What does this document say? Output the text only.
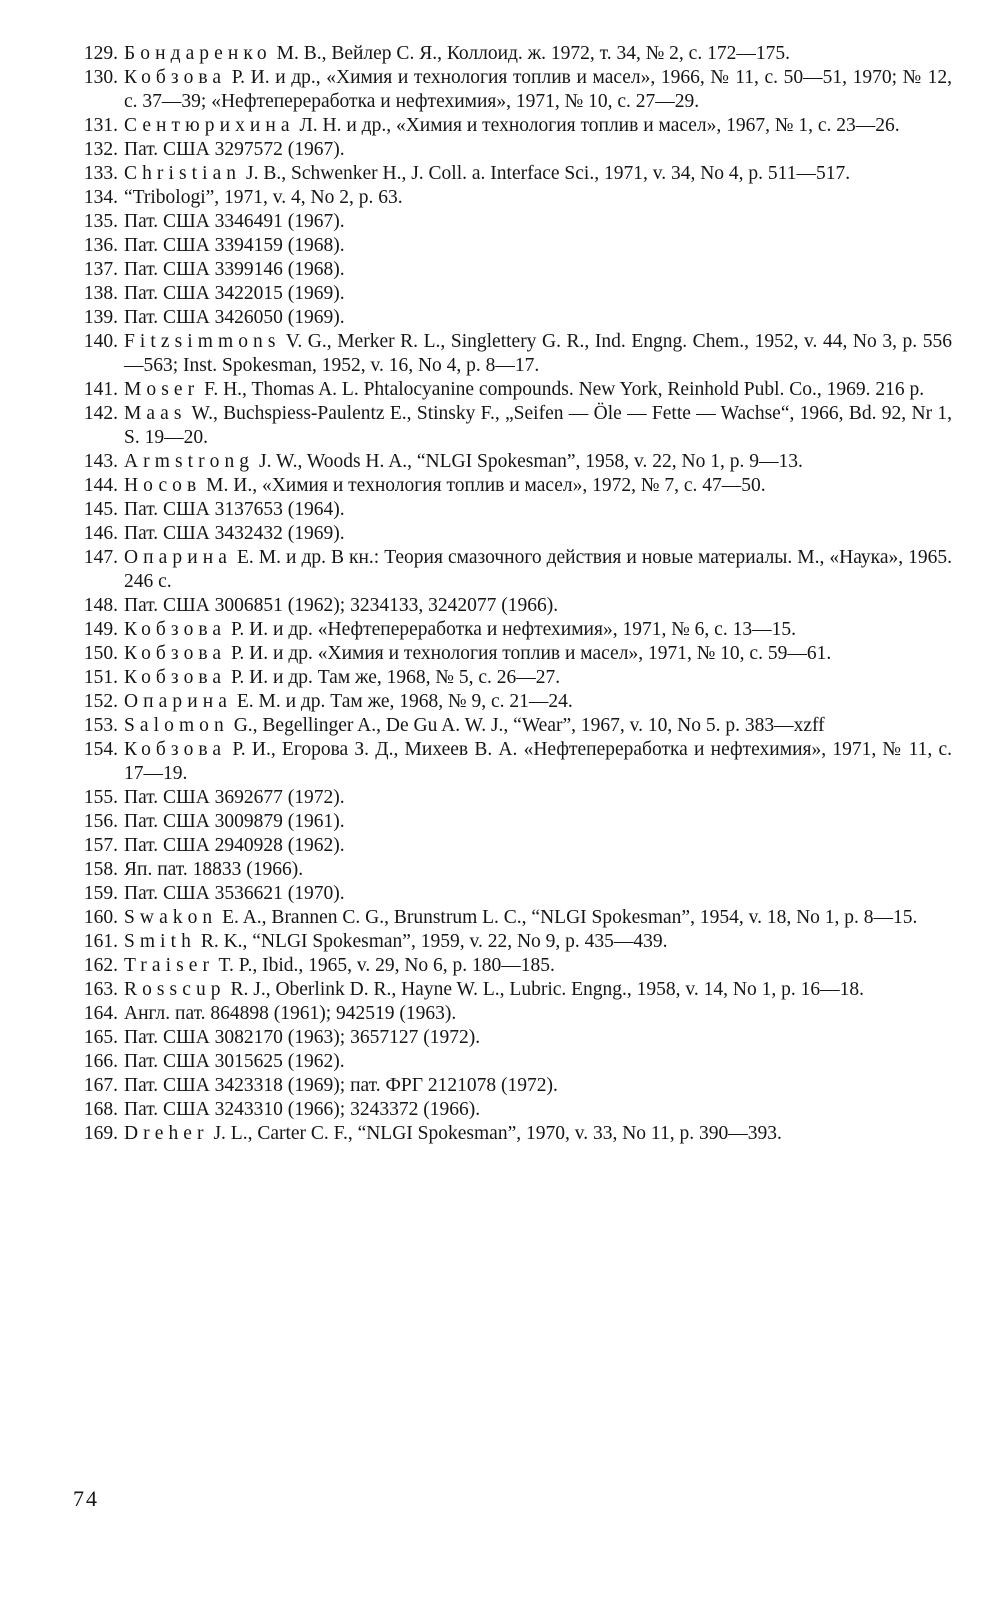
129. Бондаренко М. В., Вейлер С. Я., Коллоид. ж. 1972, т. 34, № 2, с. 172—175.
130. Кобзова Р. И. и др., «Химия и технология топлив и масел», 1966, № 11, с. 50—51, 1970; № 12, с. 37—39; «Нефтепереработка и нефтехимия», 1971, № 10, с. 27—29.
131. Сентюрихина Л. Н. и др., «Химия и технология топлив и масел», 1967, № 1, с. 23—26.
132. Пат. США 3297572 (1967).
133. Christian J. B., Schwenker H., J. Coll. a. Interface Sci., 1971, v. 34, No 4, p. 511—517.
134. “Tribologi”, 1971, v. 4, No 2, p. 63.
135. Пат. США 3346491 (1967).
136. Пат. США 3394159 (1968).
137. Пат. США 3399146 (1968).
138. Пат. США 3422015 (1969).
139. Пат. США 3426050 (1969).
140. Fitzsimmons V. G., Merker R. L., Singlettery G. R., Ind. Engng. Chem., 1952, v. 44, No 3, p. 556—563; Inst. Spokesman, 1952, v. 16, No 4, p. 8—17.
141. Moser F. H., Thomas A. L. Phtalocyanine compounds. New York, Reinhold Publ. Co., 1969. 216 p.
142. Maas W., Buchspiess-Paulentz E., Stinsky F., „Seifen — Öle — Fette — Wachse“, 1966, Bd. 92, Nr 1, S. 19—20.
143. Armstrong J. W., Woods H. A., “NLGI Spokesman”, 1958, v. 22, No 1, p. 9—13.
144. Носов М. И., «Химия и технология топлив и масел», 1972, № 7, с. 47—50.
145. Пат. США 3137653 (1964).
146. Пат. США 3432432 (1969).
147. Опарина Е. М. и др. В кн.: Теория смазочного действия и новые материалы. М., «Наука», 1965. 246 с.
148. Пат. США 3006851 (1962); 3234133, 3242077 (1966).
149. Кобзова Р. И. и др. «Нефтепереработка и нефтехимия», 1971, № 6, с. 13—15.
150. Кобзова Р. И. и др. «Химия и технология топлив и масел», 1971, № 10, с. 59—61.
151. Кобзова Р. И. и др. Там же, 1968, № 5, с. 26—27.
152. Опарина Е. М. и др. Там же, 1968, № 9, с. 21—24.
153. Salomon G., Begellinger A., De Gu A. W. J., “Wear”, 1967, v. 10, No 5. p. 383—xzff
154. Кобзова Р. И., Егорова З. Д., Михеев В. А. «Нефтепереработка и нефтехимия», 1971, № 11, с. 17—19.
155. Пат. США 3692677 (1972).
156. Пат. США 3009879 (1961).
157. Пат. США 2940928 (1962).
158. Яп. пат. 18833 (1966).
159. Пат. США 3536621 (1970).
160. Swakon E. A., Brannen C. G., Brunstrum L. C., “NLGI Spokesman”, 1954, v. 18, No 1, p. 8—15.
161. Smith R. K., “NLGI Spokesman”, 1959, v. 22, No 9, p. 435—439.
162. Traiser T. P., Ibid., 1965, v. 29, No 6, p. 180—185.
163. Rosscup R. J., Oberlink D. R., Hayne W. L., Lubric. Engng., 1958, v. 14, No 1, p. 16—18.
164. Англ. пат. 864898 (1961); 942519 (1963).
165. Пат. США 3082170 (1963); 3657127 (1972).
166. Пат. США 3015625 (1962).
167. Пат. США 3423318 (1969); пат. ФРГ 2121078 (1972).
168. Пат. США 3243310 (1966); 3243372 (1966).
169. Dreher J. L., Carter C. F., “NLGI Spokesman”, 1970, v. 33, No 11, p. 390—393.
74
